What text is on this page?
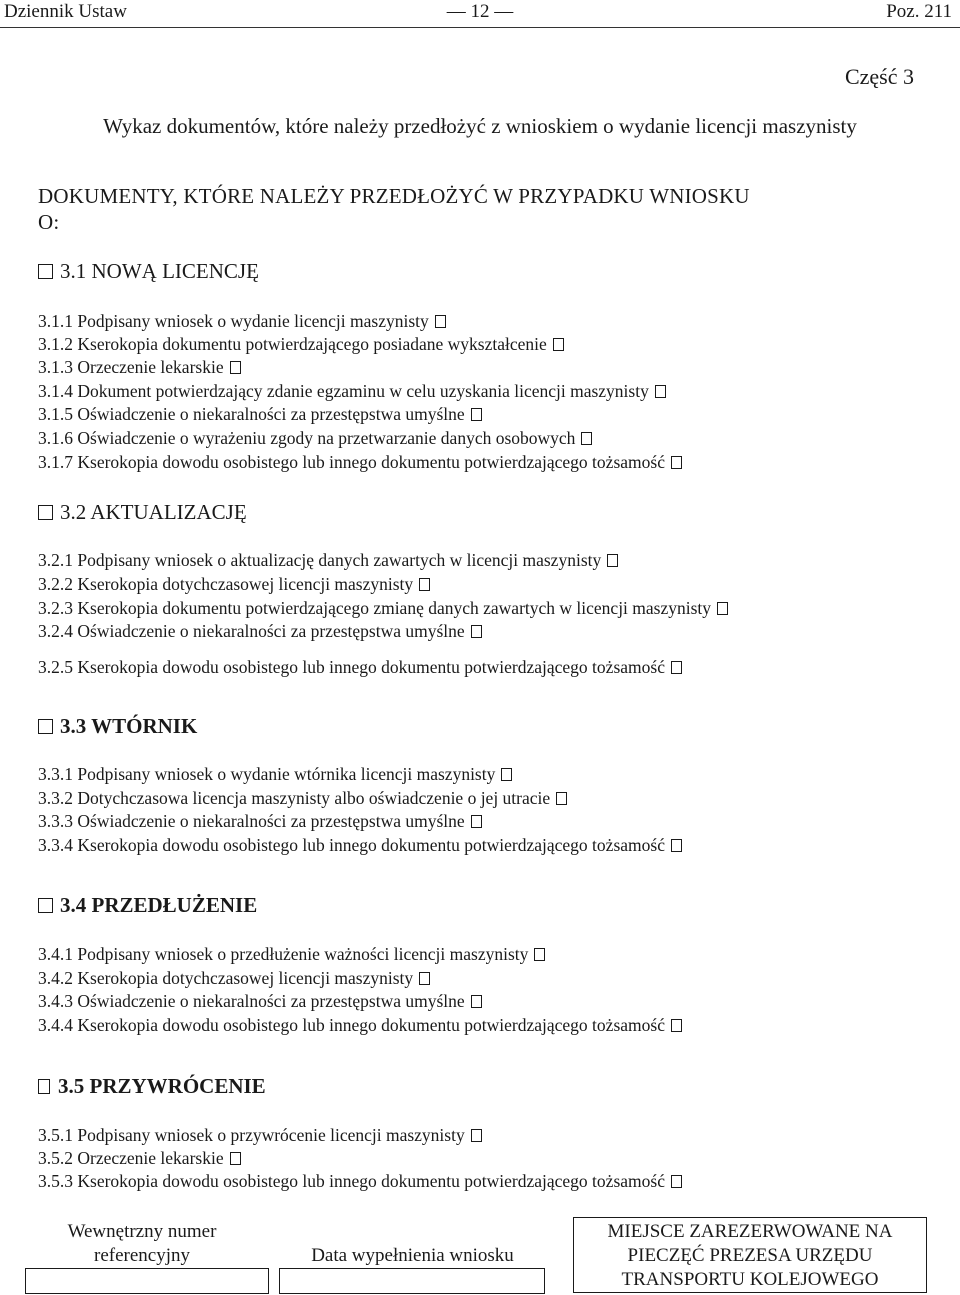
Dziennik Ustaw	— 12 —	Poz. 211
Część 3
Wykaz dokumentów, które należy przedłożyć z wnioskiem o wydanie licencji maszynisty
DOKUMENTY, KTÓRE NALEŻY PRZEDŁOŻYĆ W PRZYPADKU WNIOSKU O:
3.1 NOWĄ LICENCJĘ
3.1.1 Podpisany wniosek o wydanie licencji maszynisty
3.1.2 Kserokopia dokumentu potwierdzającego posiadane wykształcenie
3.1.3 Orzeczenie lekarskie
3.1.4 Dokument potwierdzający zdanie egzaminu w celu uzyskania licencji maszynisty
3.1.5 Oświadczenie o niekaralności za przestępstwa umyślne
3.1.6 Oświadczenie o wyrażeniu zgody na przetwarzanie danych osobowych
3.1.7 Kserokopia dowodu osobistego lub innego dokumentu potwierdzającego tożsamość
3.2 AKTUALIZACJĘ
3.2.1 Podpisany wniosek o aktualizację danych zawartych w licencji maszynisty
3.2.2 Kserokopia dotychczasowej licencji maszynisty
3.2.3 Kserokopia dokumentu potwierdzającego zmianę danych zawartych w licencji maszynisty
3.2.4 Oświadczenie o niekaralności za przestępstwa umyślne
3.2.5 Kserokopia dowodu osobistego lub innego dokumentu potwierdzającego tożsamość
3.3 WTÓRNIK
3.3.1 Podpisany wniosek o wydanie wtórnika licencji maszynisty
3.3.2 Dotychczasowa licencja maszynisty albo oświadczenie o jej utracie
3.3.3 Oświadczenie o niekaralności za przestępstwa umyślne
3.3.4 Kserokopia dowodu osobistego lub innego dokumentu potwierdzającego tożsamość
3.4 PRZEDŁUŻENIE
3.4.1 Podpisany wniosek o przedłużenie ważności licencji maszynisty
3.4.2 Kserokopia dotychczasowej licencji maszynisty
3.4.3 Oświadczenie o niekaralności za przestępstwa umyślne
3.4.4 Kserokopia dowodu osobistego lub innego dokumentu potwierdzającego tożsamość
3.5 PRZYWRÓCENIE
3.5.1 Podpisany wniosek o przywrócenie licencji maszynisty
3.5.2 Orzeczenie lekarskie
3.5.3 Kserokopia dowodu osobistego lub innego dokumentu potwierdzającego tożsamość
Wewnętrzny numer referencyjny	Data wypełnienia wniosku
MIEJSCE ZAREZERWOWANE NA
PIECZĘĆ PREZESA URZĘDU
TRANSPORTU KOLEJOWEGO
